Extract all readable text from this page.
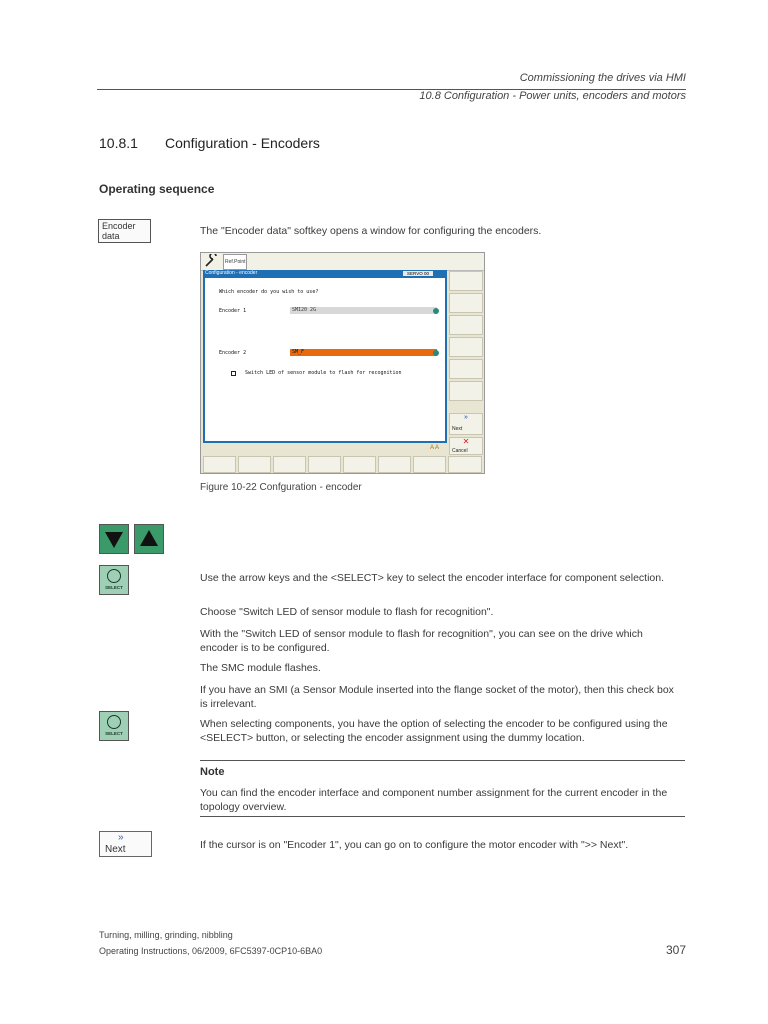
Commissioning the drives via HMI
10.8 Configuration - Power units, encoders and motors
10.8.1 Configuration - Encoders
Operating sequence
Encoder
data	The "Encoder data" softkey opens a window for configuring the encoders.
Ref.Point
Configuration - encoder	SERVO 00
Which encoder do you wish to use?
Encoder 1	SMI20 2G
Encoder 2	SM_F
Switch LED of sensor module to flash for recognition
»
Next
✕
Cancel
A A
Figure 10-22 Confguration - encoder
SELECT
Use the arrow keys and the <SELECT> key to select the encoder interface for component selection.
Choose "Switch LED of sensor module to flash for recognition".
With the "Switch LED of sensor module to flash for recognition", you can see on the drive which encoder is to be configured.
The SMC module flashes.
If you have an SMI (a Sensor Module inserted into the flange socket of the motor), then this check box is irrelevant.
SELECT
When selecting components, you have the option of selecting the encoder to be configured using the <SELECT> button, or selecting the encoder assignment using the dummy location.
Note
You can find the encoder interface and component number assignment for the current encoder in the topology overview.
»
Next	If the cursor is on "Encoder 1", you can go on to configure the motor encoder with ">> Next".
Turning, milling, grinding, nibbling
Operating Instructions, 06/2009, 6FC5397-0CP10-6BA0	307
